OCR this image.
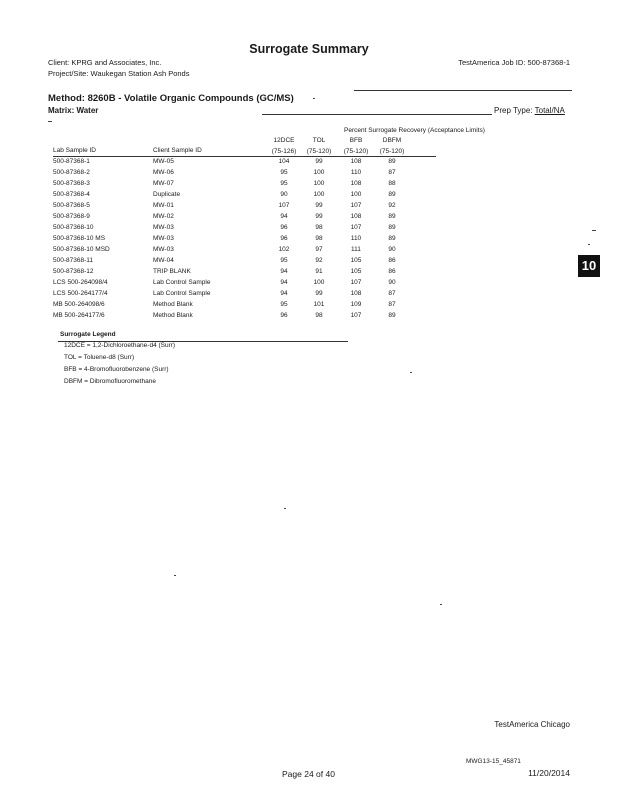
Surrogate Summary
Client: KPRG and Associates, Inc.
Project/Site: Waukegan Station Ash Ponds
TestAmerica Job ID: 500-87368-1
Method: 8260B - Volatile Organic Compounds (GC/MS)
Matrix: Water	Prep Type: Total/NA
10
Percent Surrogate Recovery (Acceptance Limits)
12DCE	TOL	BFB	DBFM
Lab Sample ID	Client Sample ID	(75-126)	(75-120)	(75-120)	(75-120)
500-87368-1	MW-05	104	99	108	89
500-87368-2	MW-06	95	100	110	87
500-87368-3	MW-07	95	100	108	88
500-87368-4	Duplicate	90	100	100	89
500-87368-5	MW-01	107	99	107	92
500-87368-9	MW-02	94	99	108	89
500-87368-10	MW-03	96	98	107	89
500-87368-10 MS	MW-03	96	98	110	89
500-87368-10 MSD	MW-03	102	97	111	90
500-87368-11	MW-04	95	92	105	86
500-87368-12	TRIP BLANK	94	91	105	86
LCS 500-264098/4	Lab Control Sample	94	100	107	90
LCS 500-264177/4	Lab Control Sample	94	99	108	87
MB 500-264098/6	Method Blank	95	101	109	87
MB 500-264177/6	Method Blank	96	98	107	89
Surrogate Legend
12DCE = 1,2-Dichloroethane-d4 (Surr)
TOL = Toluene-d8 (Surr)
BFB = 4-Bromofluorobenzene (Surr)
DBFM = Dibromofluoromethane
TestAmerica Chicago
Page 24 of 40
MWG13-15_45871
11/20/2014
